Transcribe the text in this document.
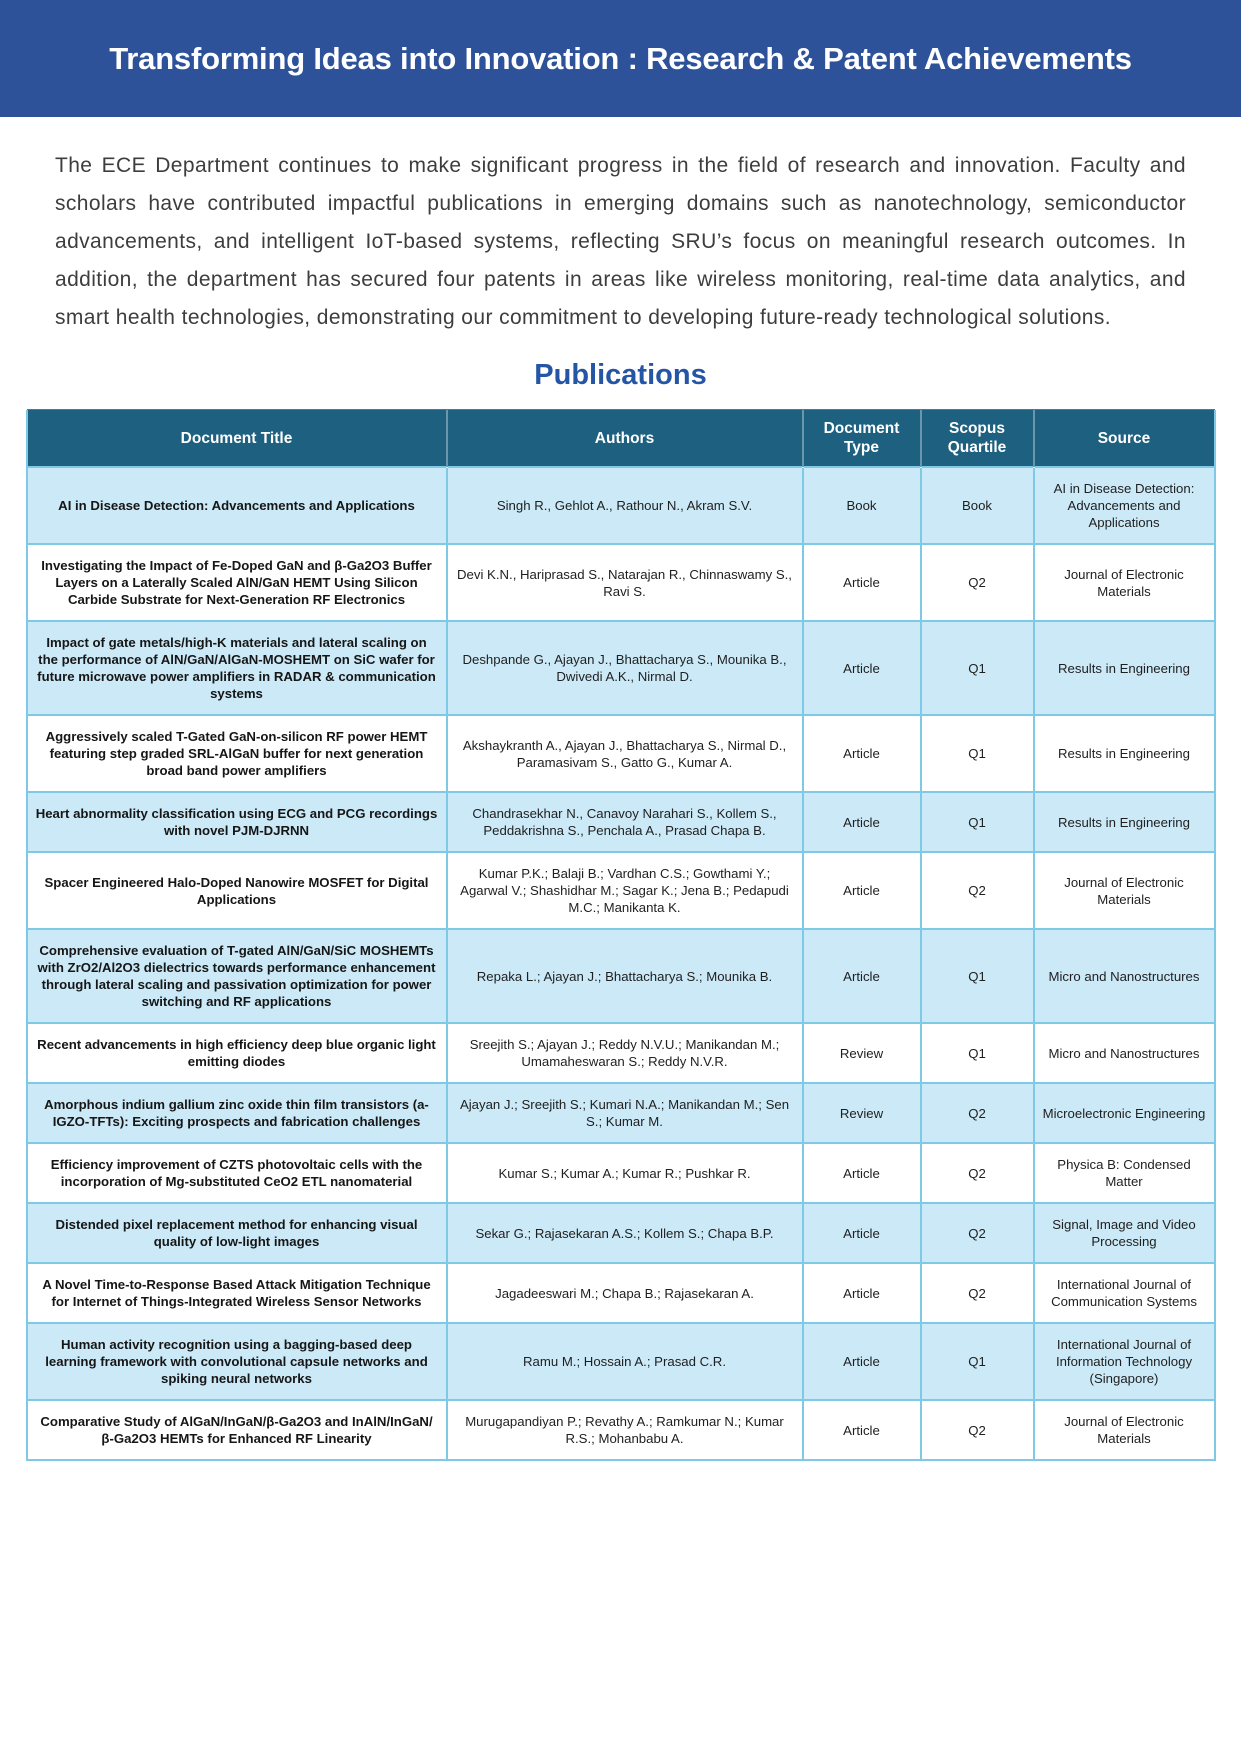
Transforming Ideas into Innovation : Research & Patent Achievements

The ECE Department continues to make significant progress in the field of research and innovation. Faculty and scholars have contributed impactful publications in emerging domains such as nanotechnology, semiconductor advancements, and intelligent IoT-based systems, reflecting SRU’s focus on meaningful research outcomes. In addition, the department has secured four patents in areas like wireless monitoring, real-time data analytics, and smart health technologies, demonstrating our commitment to developing future-ready technological solutions.

Publications
Document Title	Authors	Document Type	Scopus Quartile	Source
AI in Disease Detection: Advancements and Applications	Singh R., Gehlot A., Rathour N., Akram S.V.	Book	Book	AI in Disease Detection: Advancements and Applications
Investigating the Impact of Fe-Doped GaN and β-Ga2O3 Buffer Layers on a Laterally Scaled AlN/GaN HEMT Using Silicon Carbide Substrate for Next-Generation RF Electronics	Devi K.N., Hariprasad S., Natarajan R., Chinnaswamy S., Ravi S.	Article	Q2	Journal of Electronic Materials
Impact of gate metals/high-K materials and lateral scaling on the performance of AlN/GaN/AlGaN-MOSHEMT on SiC wafer for future microwave power amplifiers in RADAR & communication systems	Deshpande G., Ajayan J., Bhattacharya S., Mounika B., Dwivedi A.K., Nirmal D.	Article	Q1	Results in Engineering
Aggressively scaled T-Gated GaN-on-silicon RF power HEMT featuring step graded SRL-AlGaN buffer for next generation broad band power amplifiers	Akshaykranth A., Ajayan J., Bhattacharya S., Nirmal D., Paramasivam S., Gatto G., Kumar A.	Article	Q1	Results in Engineering
Heart abnormality classification using ECG and PCG recordings with novel PJM-DJRNN	Chandrasekhar N., Canavoy Narahari S., Kollem S., Peddakrishna S., Penchala A., Prasad Chapa B.	Article	Q1	Results in Engineering
Spacer Engineered Halo-Doped Nanowire MOSFET for Digital Applications	Kumar P.K.; Balaji B.; Vardhan C.S.; Gowthami Y.; Agarwal V.; Shashidhar M.; Sagar K.; Jena B.; Pedapudi M.C.; Manikanta K.	Article	Q2	Journal of Electronic Materials
Comprehensive evaluation of T-gated AlN/GaN/SiC MOSHEMTs with ZrO2/Al2O3 dielectrics towards performance enhancement through lateral scaling and passivation optimization for power switching and RF applications	Repaka L.; Ajayan J.; Bhattacharya S.; Mounika B.	Article	Q1	Micro and Nanostructures
Recent advancements in high efficiency deep blue organic light emitting diodes	Sreejith S.; Ajayan J.; Reddy N.V.U.; Manikandan M.; Umamaheswaran S.; Reddy N.V.R.	Review	Q1	Micro and Nanostructures
Amorphous indium gallium zinc oxide thin film transistors (a-IGZO-TFTs): Exciting prospects and fabrication challenges	Ajayan J.; Sreejith S.; Kumari N.A.; Manikandan M.; Sen S.; Kumar M.	Review	Q2	Microelectronic Engineering
Efficiency improvement of CZTS photovoltaic cells with the incorporation of Mg-substituted CeO2 ETL nanomaterial	Kumar S.; Kumar A.; Kumar R.; Pushkar R.	Article	Q2	Physica B: Condensed Matter
Distended pixel replacement method for enhancing visual quality of low-light images	Sekar G.; Rajasekaran A.S.; Kollem S.; Chapa B.P.	Article	Q2	Signal, Image and Video Processing
A Novel Time-to-Response Based Attack Mitigation Technique for Internet of Things-Integrated Wireless Sensor Networks	Jagadeeswari M.; Chapa B.; Rajasekaran A.	Article	Q2	International Journal of Communication Systems
Human activity recognition using a bagging-based deep learning framework with convolutional capsule networks and spiking neural networks	Ramu M.; Hossain A.; Prasad C.R.	Article	Q1	International Journal of Information Technology (Singapore)
Comparative Study of AlGaN/InGaN/β-Ga2O3 and InAlN/InGaN/β-Ga2O3 HEMTs for Enhanced RF Linearity	Murugapandiyan P.; Revathy A.; Ramkumar N.; Kumar R.S.; Mohanbabu A.	Article	Q2	Journal of Electronic Materials
